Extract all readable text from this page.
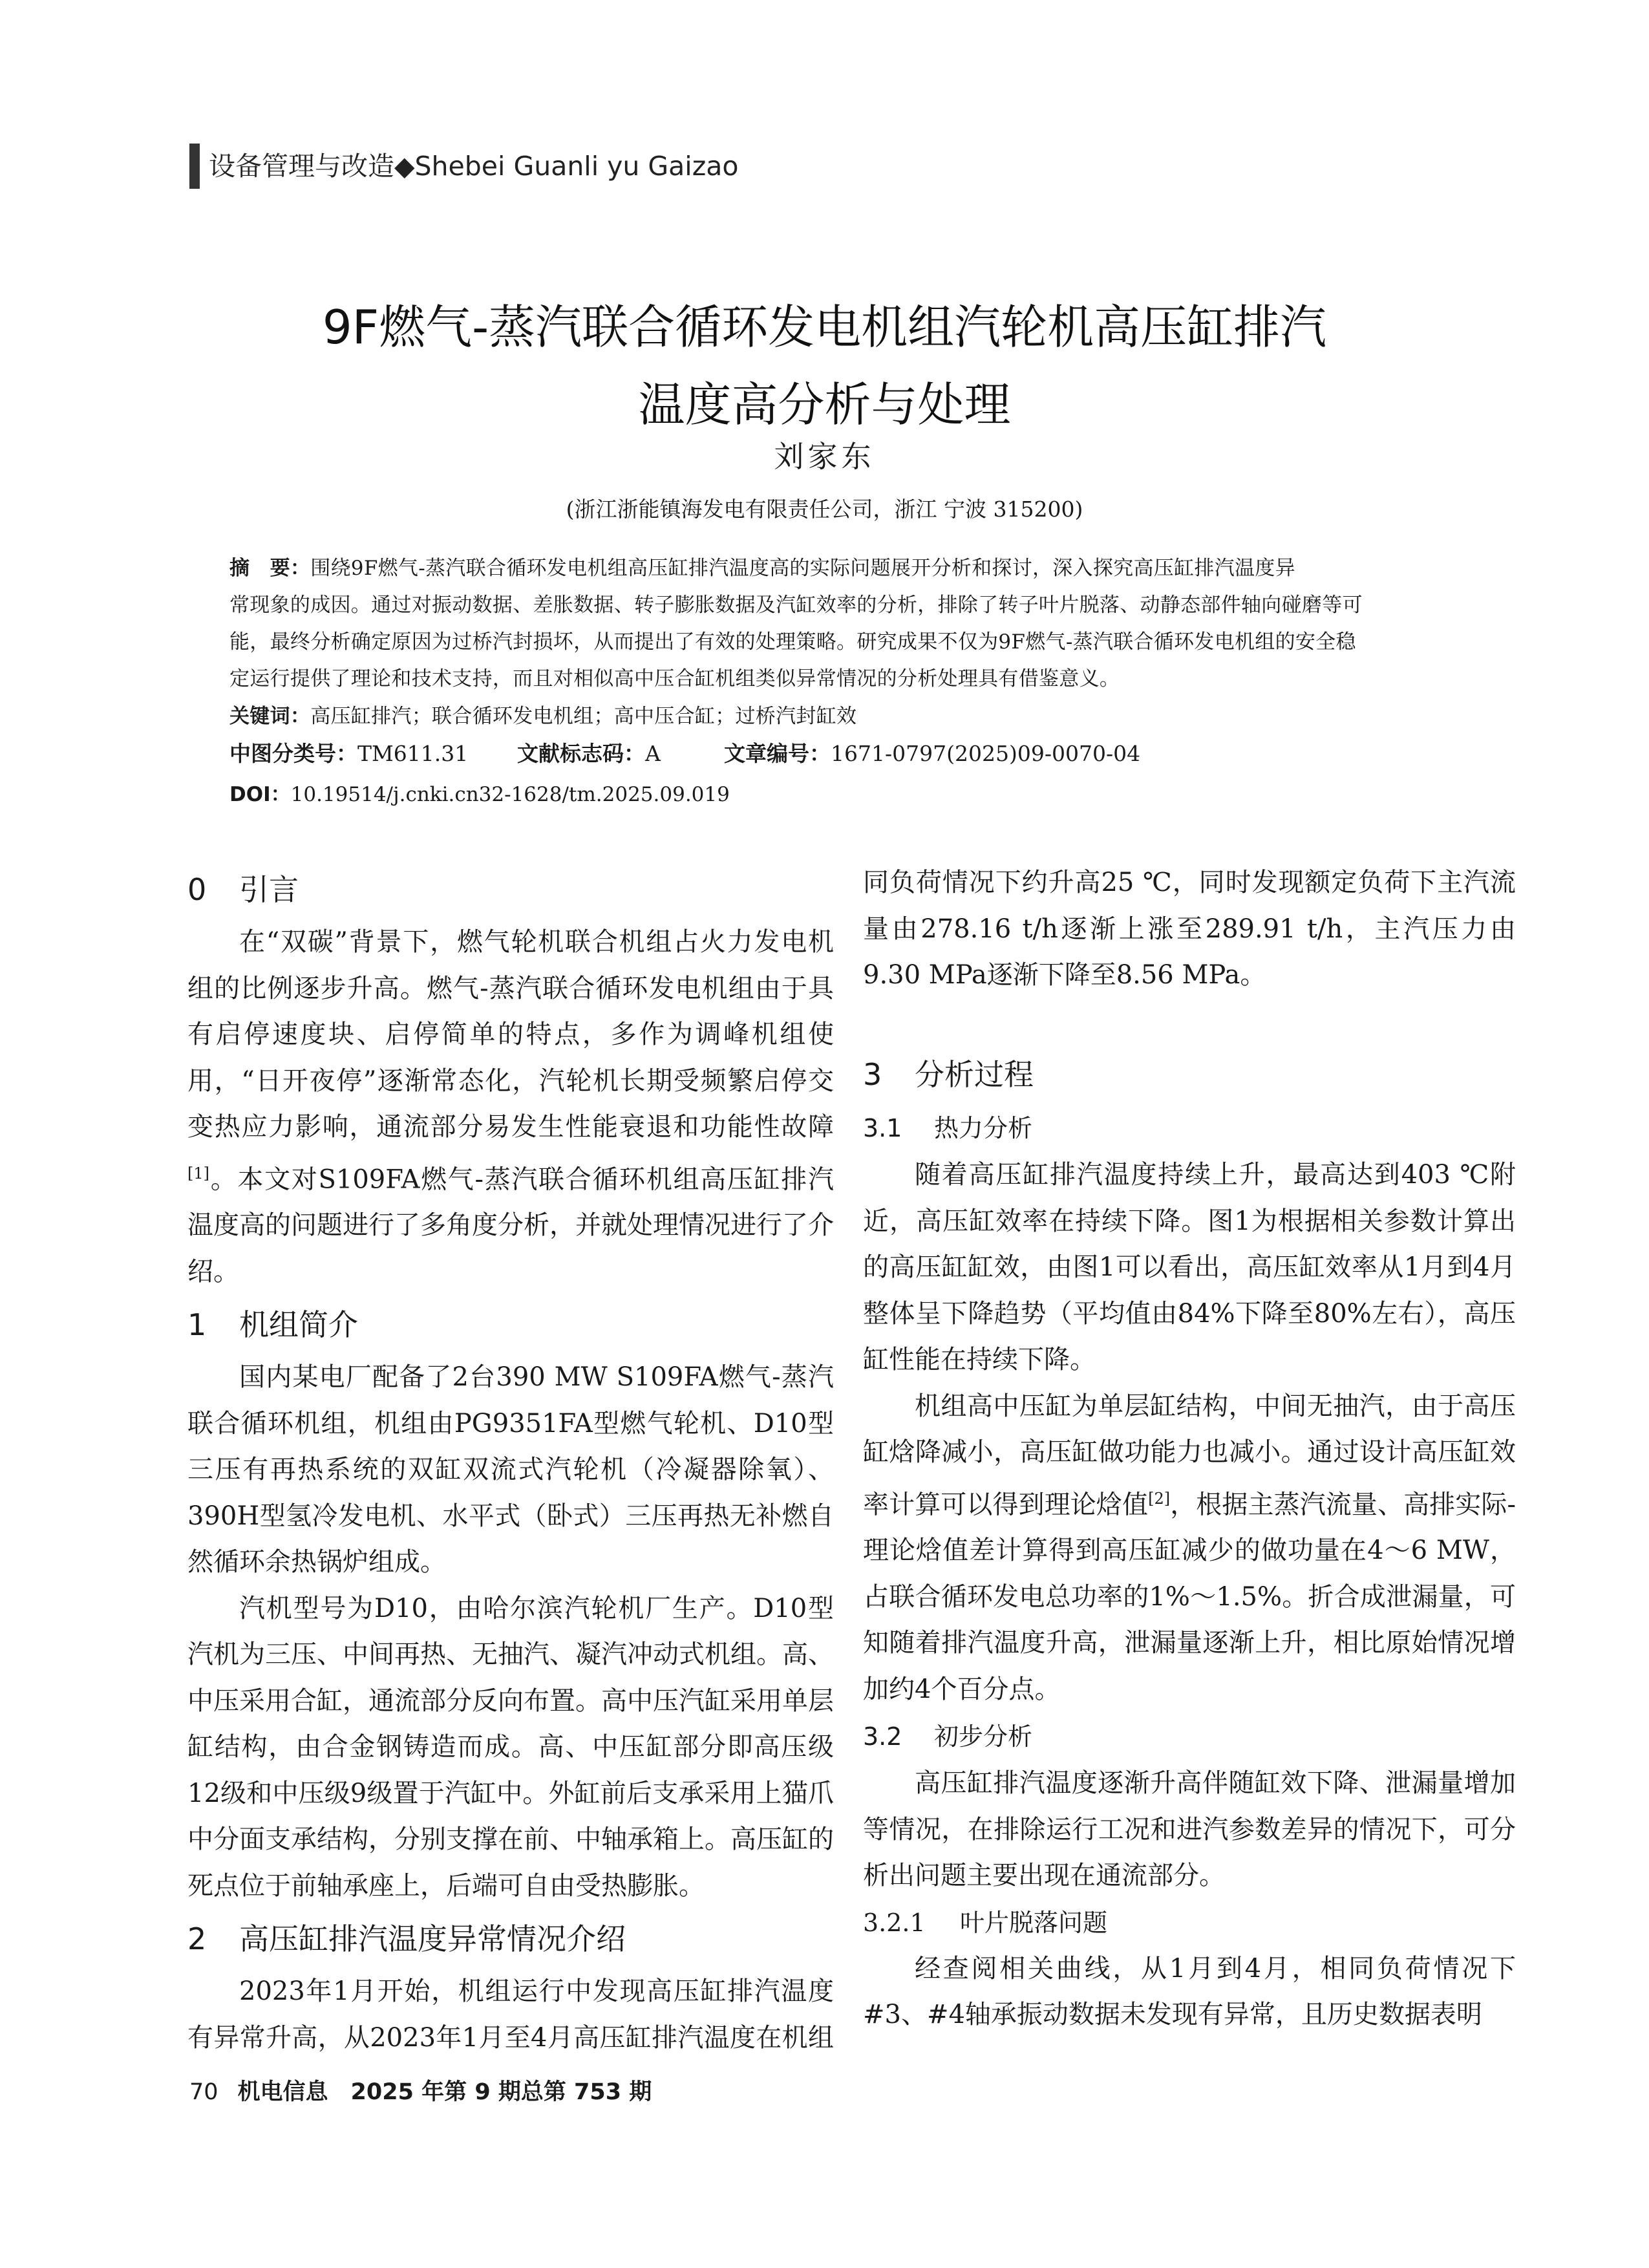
设备管理与改造◆Shebei Guanli yu Gaizao
9F燃气-蒸汽联合循环发电机组汽轮机高压缸排汽
温度高分析与处理
刘家东
(浙江浙能镇海发电有限责任公司，浙江 宁波 315200)
摘　要：围绕9F燃气-蒸汽联合循环发电机组高压缸排汽温度高的实际问题展开分析和探讨，深入探究高压缸排汽温度异
常现象的成因。通过对振动数据、差胀数据、转子膨胀数据及汽缸效率的分析，排除了转子叶片脱落、动静态部件轴向碰磨等可
能，最终分析确定原因为过桥汽封损坏，从而提出了有效的处理策略。研究成果不仅为9F燃气-蒸汽联合循环发电机组的安全稳
定运行提供了理论和技术支持，而且对相似高中压合缸机组类似异常情况的分析处理具有借鉴意义。
关键词：高压缸排汽；联合循环发电机组；高中压合缸；过桥汽封缸效
中图分类号：TM611.31 文献标志码：A	文章编号：1671-0797(2025)09-0070-04
DOI：10.19514/j.cnki.cn32-1628/tm.2025.09.019
0 引言

在“双碳”背景下，燃气轮机联合机组占火力发电机组的比例逐步升高。燃气-蒸汽联合循环发电机组由于具有启停速度块、启停简单的特点，多作为调峰机组使用，“日开夜停”逐渐常态化，汽轮机长期受频繁启停交变热应力影响，通流部分易发生性能衰退和功能性故障[1]。本文对S109FA燃气-蒸汽联合循环机组高压缸排汽温度高的问题进行了多角度分析，并就处理情况进行了介绍。

1 机组简介

国内某电厂配备了2台390 MW S109FA燃气-蒸汽联合循环机组，机组由PG9351FA型燃气轮机、D10型三压有再热系统的双缸双流式汽轮机（冷凝器除氧）、390H型氢冷发电机、水平式（卧式）三压再热无补燃自然循环余热锅炉组成。

汽机型号为D10，由哈尔滨汽轮机厂生产。D10型汽机为三压、中间再热、无抽汽、凝汽冲动式机组。高、中压采用合缸，通流部分反向布置。高中压汽缸采用单层缸结构，由合金钢铸造而成。高、中压缸部分即高压级12级和中压级9级置于汽缸中。外缸前后支承采用上猫爪中分面支承结构，分别支撑在前、中轴承箱上。高压缸的死点位于前轴承座上，后端可自由受热膨胀。

2 高压缸排汽温度异常情况介绍

2023年1月开始，机组运行中发现高压缸排汽温度有异常升高，从2023年1月至4月高压缸排汽温度在机组

同负荷情况下约升高25 ℃，同时发现额定负荷下主汽流量由278.16 t/h逐渐上涨至289.91 t/h，主汽压力由9.30 MPa逐渐下降至8.56 MPa。

3 分析过程
3.1 热力分析

随着高压缸排汽温度持续上升，最高达到403 ℃附近，高压缸效率在持续下降。图1为根据相关参数计算出的高压缸缸效，由图1可以看出，高压缸效率从1月到4月整体呈下降趋势（平均值由84%下降至80%左右），高压缸性能在持续下降。

机组高中压缸为单层缸结构，中间无抽汽，由于高压缸焓降减小，高压缸做功能力也减小。通过设计高压缸效率计算可以得到理论焓值[2]，根据主蒸汽流量、高排实际-理论焓值差计算得到高压缸减少的做功量在4～6 MW，占联合循环发电总功率的1%～1.5%。折合成泄漏量，可知随着排汽温度升高，泄漏量逐渐上升，相比原始情况增加约4个百分点。

3.2 初步分析

高压缸排汽温度逐渐升高伴随缸效下降、泄漏量增加等情况，在排除运行工况和进汽参数差异的情况下，可分析出问题主要出现在通流部分。

3.2.1 叶片脱落问题

经查阅相关曲线，从1月到4月，相同负荷情况下#3、#4轴承振动数据未发现有异常，且历史数据表明

70 机电信息　2025 年第 9 期总第 753 期
